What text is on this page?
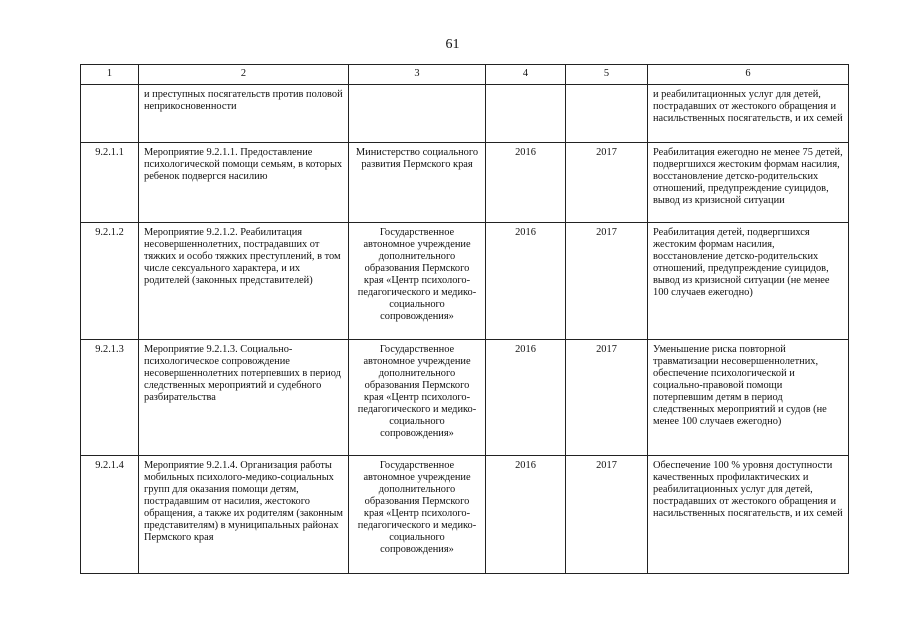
61
1	2	3	4	5	6
	и преступных посягательств против половой неприкосновенности				и реабилитационных услуг для детей, пострадавших от жестокого обращения и насильственных посягательств, и их семей
9.2.1.1	Мероприятие 9.2.1.1. Предоставление психологической помощи семьям, в которых ребенок подвергся насилию	Министерство социального развития Пермского края	2016	2017	Реабилитация ежегодно не менее 75 детей, подвергшихся жестоким формам насилия, восстановление детско-родительских отношений, предупреждение суицидов, вывод из кризисной ситуации
9.2.1.2	Мероприятие 9.2.1.2. Реабилитация несовершеннолетних, пострадавших от тяжких и особо тяжких преступлений, в том числе сексуального характера, и их родителей (законных представителей)	Государственное автономное учреждение дополнительного образования Пермского края «Центр психолого-педагогического и медико-социального сопровождения»	2016	2017	Реабилитация детей, подвергшихся жестоким формам насилия, восстановление детско-родительских отношений, предупреждение суицидов, вывод из кризисной ситуации (не менее 100 случаев ежегодно)
9.2.1.3	Мероприятие 9.2.1.3. Социально-психологическое сопровождение несовершеннолетних потерпевших в период следственных мероприятий и судебного разбирательства	Государственное автономное учреждение дополнительного образования Пермского края «Центр психолого-педагогического и медико-социального сопровождения»	2016	2017	Уменьшение риска повторной травматизации несовершеннолетних, обеспечение психологической и социально-правовой помощи потерпевшим детям в период следственных мероприятий и судов (не менее 100 случаев ежегодно)
9.2.1.4	Мероприятие 9.2.1.4. Организация работы мобильных психолого-медико-социальных групп для оказания помощи детям, пострадавшим от насилия, жестокого обращения, а также их родителям (законным представителям) в муниципальных районах Пермского края	Государственное автономное учреждение дополнительного образования Пермского края «Центр психолого-педагогического и медико-социального сопровождения»	2016	2017	Обеспечение 100 % уровня доступности качественных профилактических и реабилитационных услуг для детей, пострадавших от жестокого обращения и насильственных посягательств, и их семей
